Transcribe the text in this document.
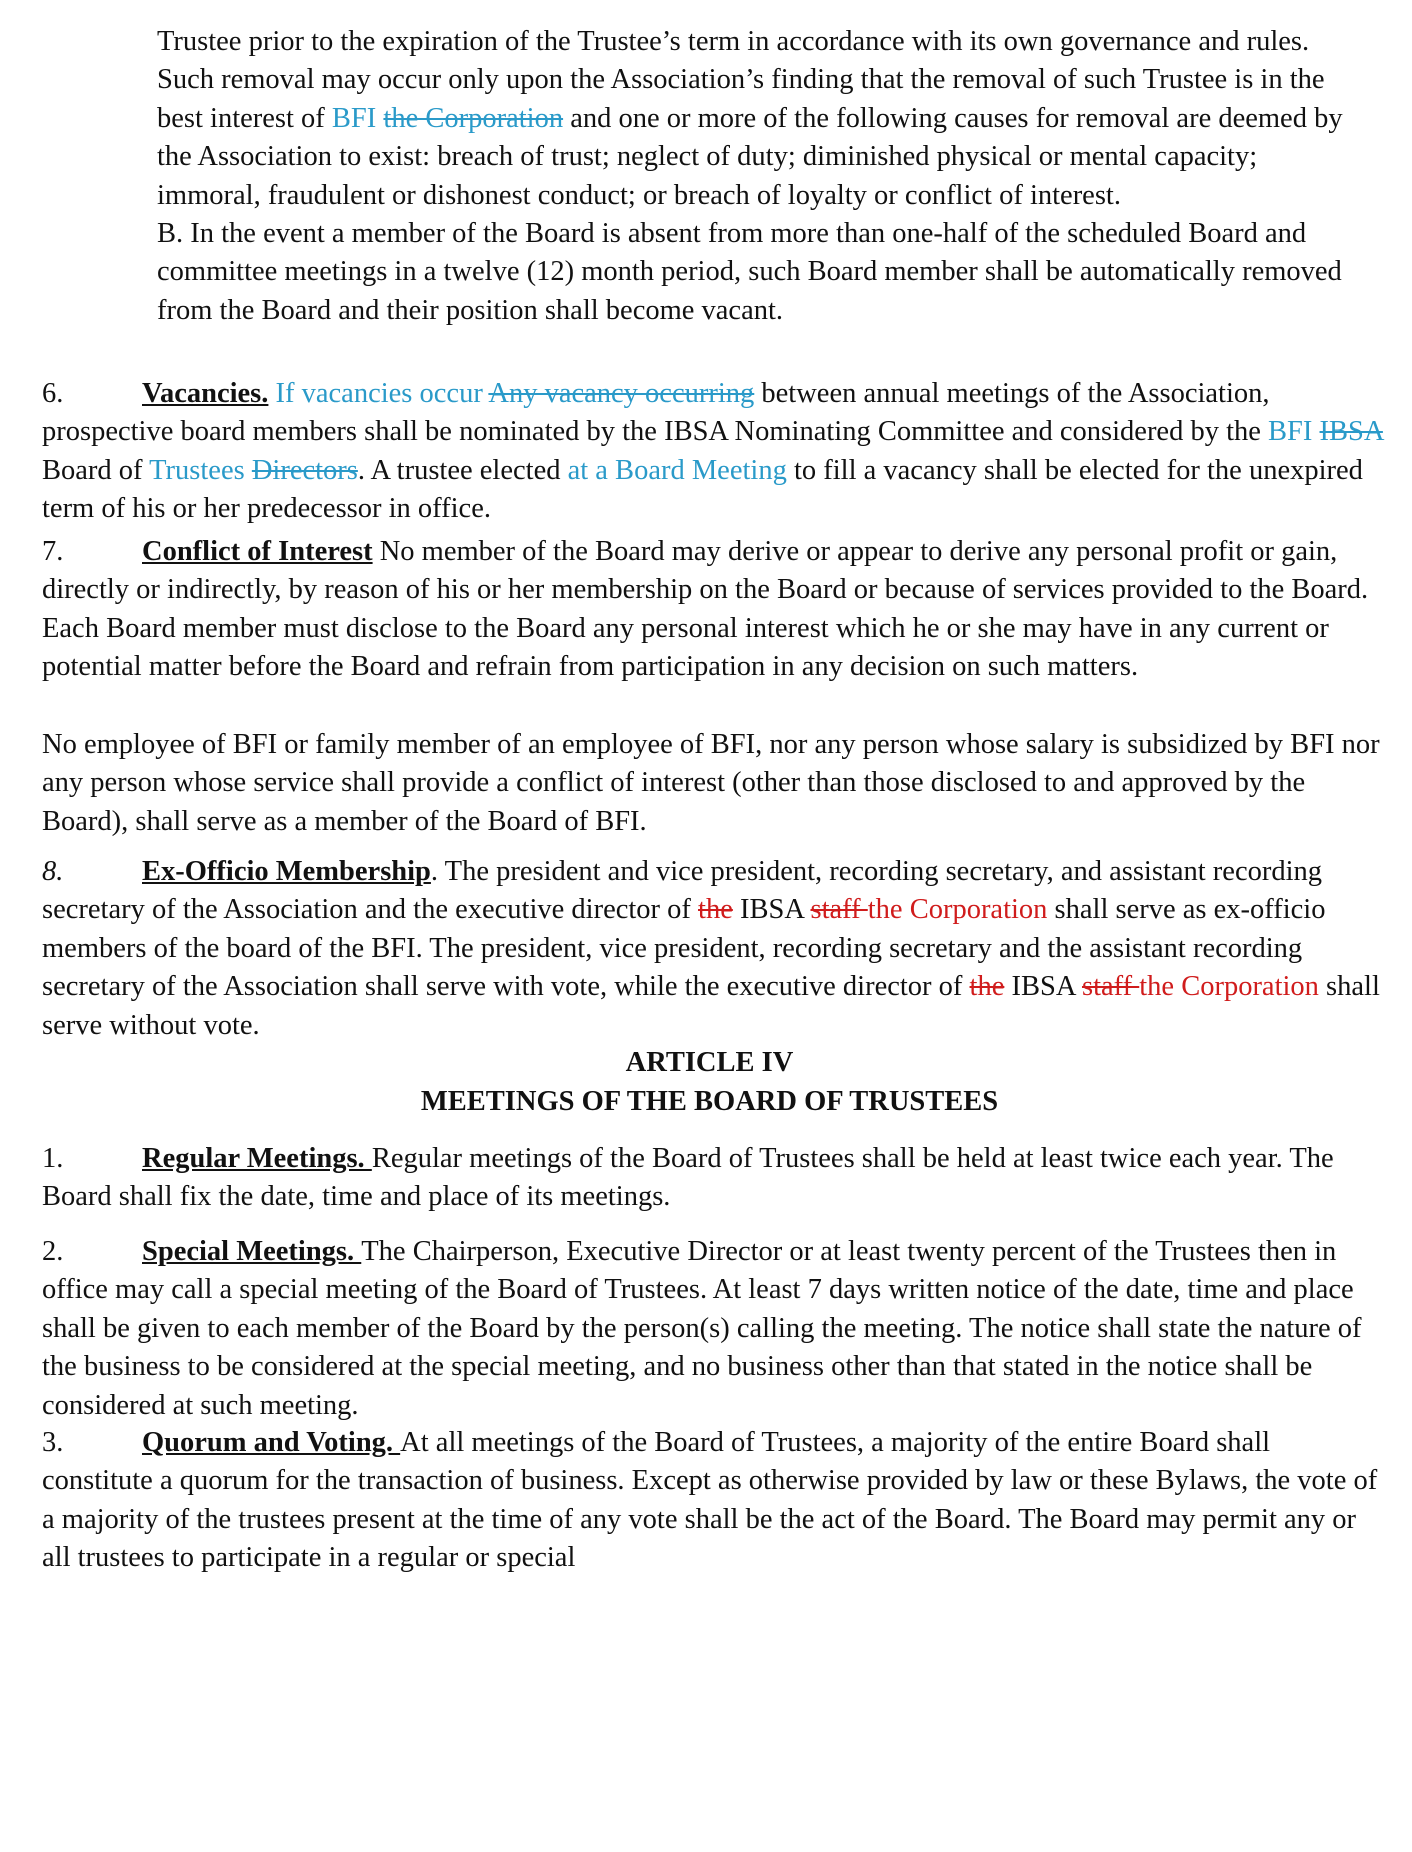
Trustee prior to the expiration of the Trustee’s term in accordance with its own governance and rules. Such removal may occur only upon the Association’s finding that the removal of such Trustee is in the best interest of BFI the Corporation and one or more of the following causes for removal are deemed by the Association to exist: breach of trust; neglect of duty; diminished physical or mental capacity; immoral, fraudulent or dishonest conduct; or breach of loyalty or conflict of interest.

B. In the event a member of the Board is absent from more than one-half of the scheduled Board and committee meetings in a twelve (12) month period, such Board member shall be automatically removed from the Board and their position shall become vacant.

6.	Vacancies. If vacancies occur Any vacancy occurring between annual meetings of the Association, prospective board members shall be nominated by the IBSA Nominating Committee and considered by the BFI IBSA Board of Trustees Directors. A trustee elected at a Board Meeting to fill a vacancy shall be elected for the unexpired term of his or her predecessor in office.

7.	Conflict of Interest No member of the Board may derive or appear to derive any personal profit or gain, directly or indirectly, by reason of his or her membership on the Board or because of services provided to the Board. Each Board member must disclose to the Board any personal interest which he or she may have in any current or potential matter before the Board and refrain from participation in any decision on such matters.

No employee of BFI or family member of an employee of BFI, nor any person whose salary is subsidized by BFI nor any person whose service shall provide a conflict of interest (other than those disclosed to and approved by the Board), shall serve as a member of the Board of BFI.

8.	Ex-Officio Membership. The president and vice president, recording secretary, and assistant recording secretary of the Association and the executive director of the IBSA staff the Corporation shall serve as ex-officio members of the board of the BFI. The president, vice president, recording secretary and the assistant recording secretary of the Association shall serve with vote, while the executive director of the IBSA staff the Corporation shall serve without vote.

ARTICLE IV
MEETINGS OF THE BOARD OF TRUSTEES

1.	Regular Meetings. Regular meetings of the Board of Trustees shall be held at least twice each year. The Board shall fix the date, time and place of its meetings.

2.	Special Meetings. The Chairperson, Executive Director or at least twenty percent of the Trustees then in office may call a special meeting of the Board of Trustees. At least 7 days written notice of the date, time and place shall be given to each member of the Board by the person(s) calling the meeting. The notice shall state the nature of the business to be considered at the special meeting, and no business other than that stated in the notice shall be considered at such meeting.

3.	Quorum and Voting. At all meetings of the Board of Trustees, a majority of the entire Board shall constitute a quorum for the transaction of business. Except as otherwise provided by law or these Bylaws, the vote of a majority of the trustees present at the time of any vote shall be the act of the Board. The Board may permit any or all trustees to participate in a regular or special
